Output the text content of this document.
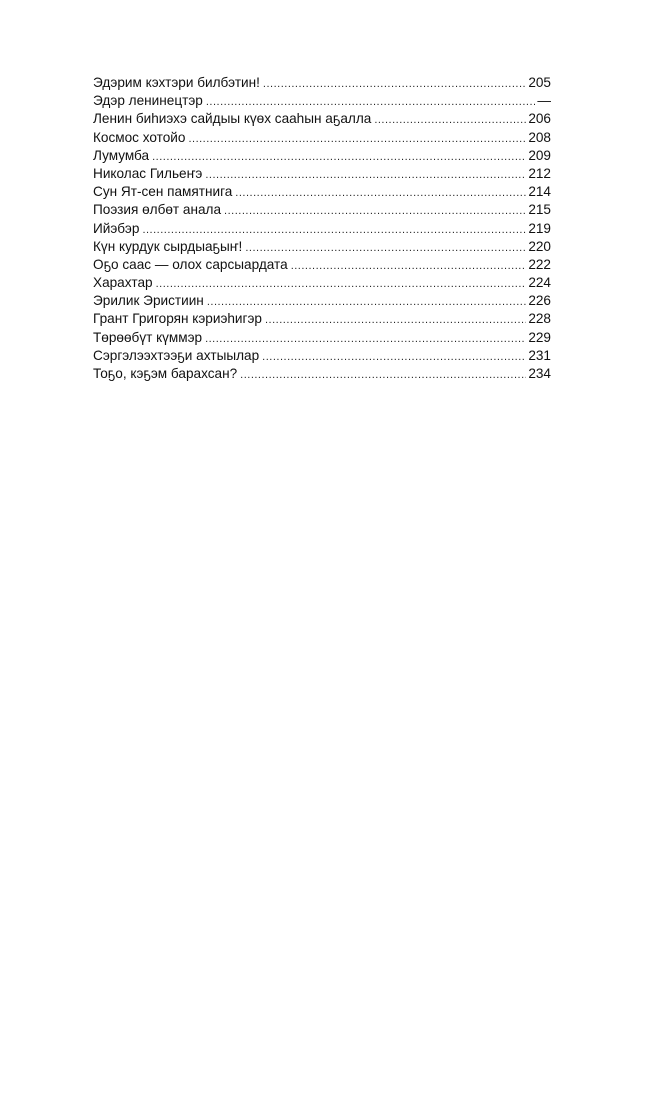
Эдэрим кэхтэри билбэтин! .....	205
Эдэр ленинецтэр .....	—
Ленин биhиэхэ сайдыы күөх сааhын аҕалла .....	206
Космос хотойо .....	208
Лумумба .....	209
Николас Гильеҥэ .....	212
Сун Ят-сен памятнига .....	214
Поэзия өлбөт анала .....	215
Ийэбэр .....	219
Күн курдук сырдыаҕыҥ! .....	220
Оҕо саас — олох сарсыардата .....	222
Харахтар .....	224
Эрилик Эристиин .....	226
Грант Григорян кэриэhигэр .....	228
Төрөөбүт күммэр .....	229
Сэргэлээхтээҕи ахтыылар .....	231
Тоҕо, кэҕэм барахсан? .....	234
